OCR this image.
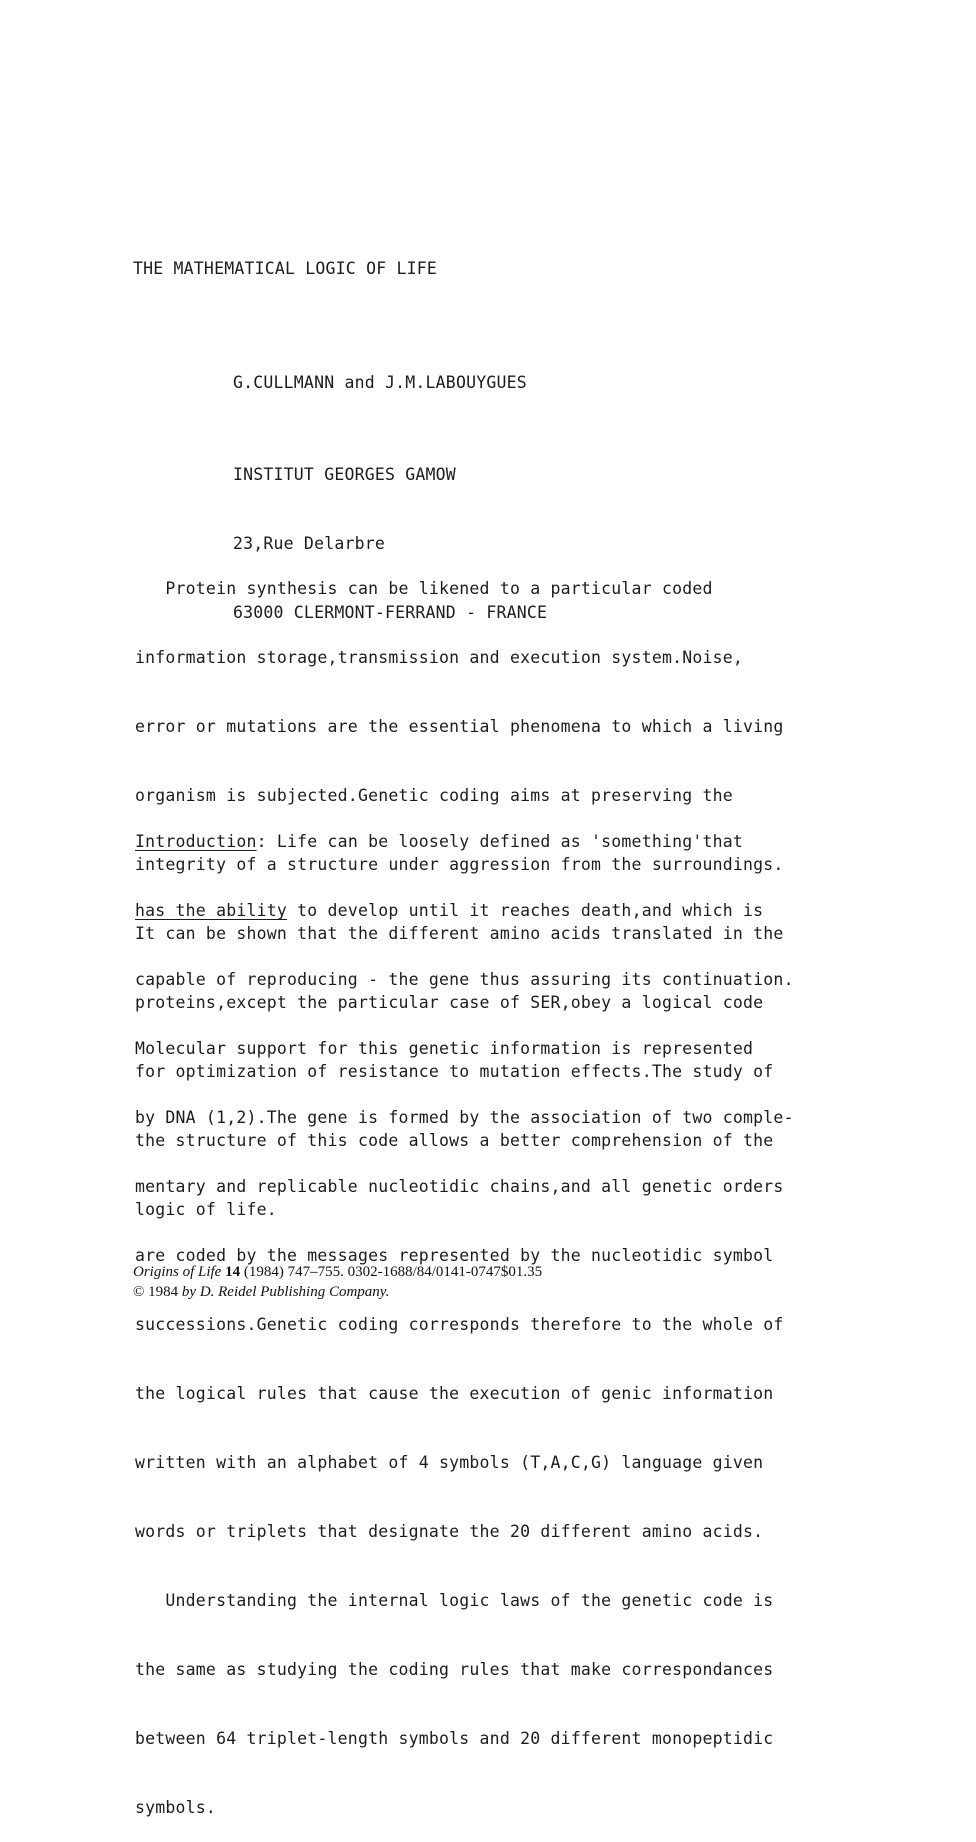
THE MATHEMATICAL LOGIC OF LIFE
G.CULLMANN and J.M.LABOUYGUES

INSTITUT GEORGES GAMOW

23,Rue Delarbre

63000 CLERMONT-FERRAND - FRANCE

Protein synthesis can be likened to a particular coded

information storage,transmission and execution system.Noise,

error or mutations are the essential phenomena to which a living

organism is subjected.Genetic coding aims at preserving the

integrity of a structure under aggression from the surroundings.

It can be shown that the different amino acids translated in the

proteins,except the particular case of SER,obey a logical code

for optimization of resistance to mutation effects.The study of

the structure of this code allows a better comprehension of the

logic of life.

Introduction: Life can be loosely defined as 'something'that

has the ability to develop until it reaches death,and which is

capable of reproducing - the gene thus assuring its continuation.

Molecular support for this genetic information is represented

by DNA (1,2).The gene is formed by the association of two comple-

mentary and replicable nucleotidic chains,and all genetic orders

are coded by the messages represented by the nucleotidic symbol

successions.Genetic coding corresponds therefore to the whole of

the logical rules that cause the execution of genic information

written with an alphabet of 4 symbols (T,A,C,G) language given

words or triplets that designate the 20 different amino acids.

Understanding the internal logic laws of the genetic code is

the same as studying the coding rules that make correspondances

between 64 triplet-length symbols and 20 different monopeptidic

symbols.

Origins of Life 14 (1984) 747–755. 0302-1688/84/0141-0747$01.35
© 1984 by D. Reidel Publishing Company.
